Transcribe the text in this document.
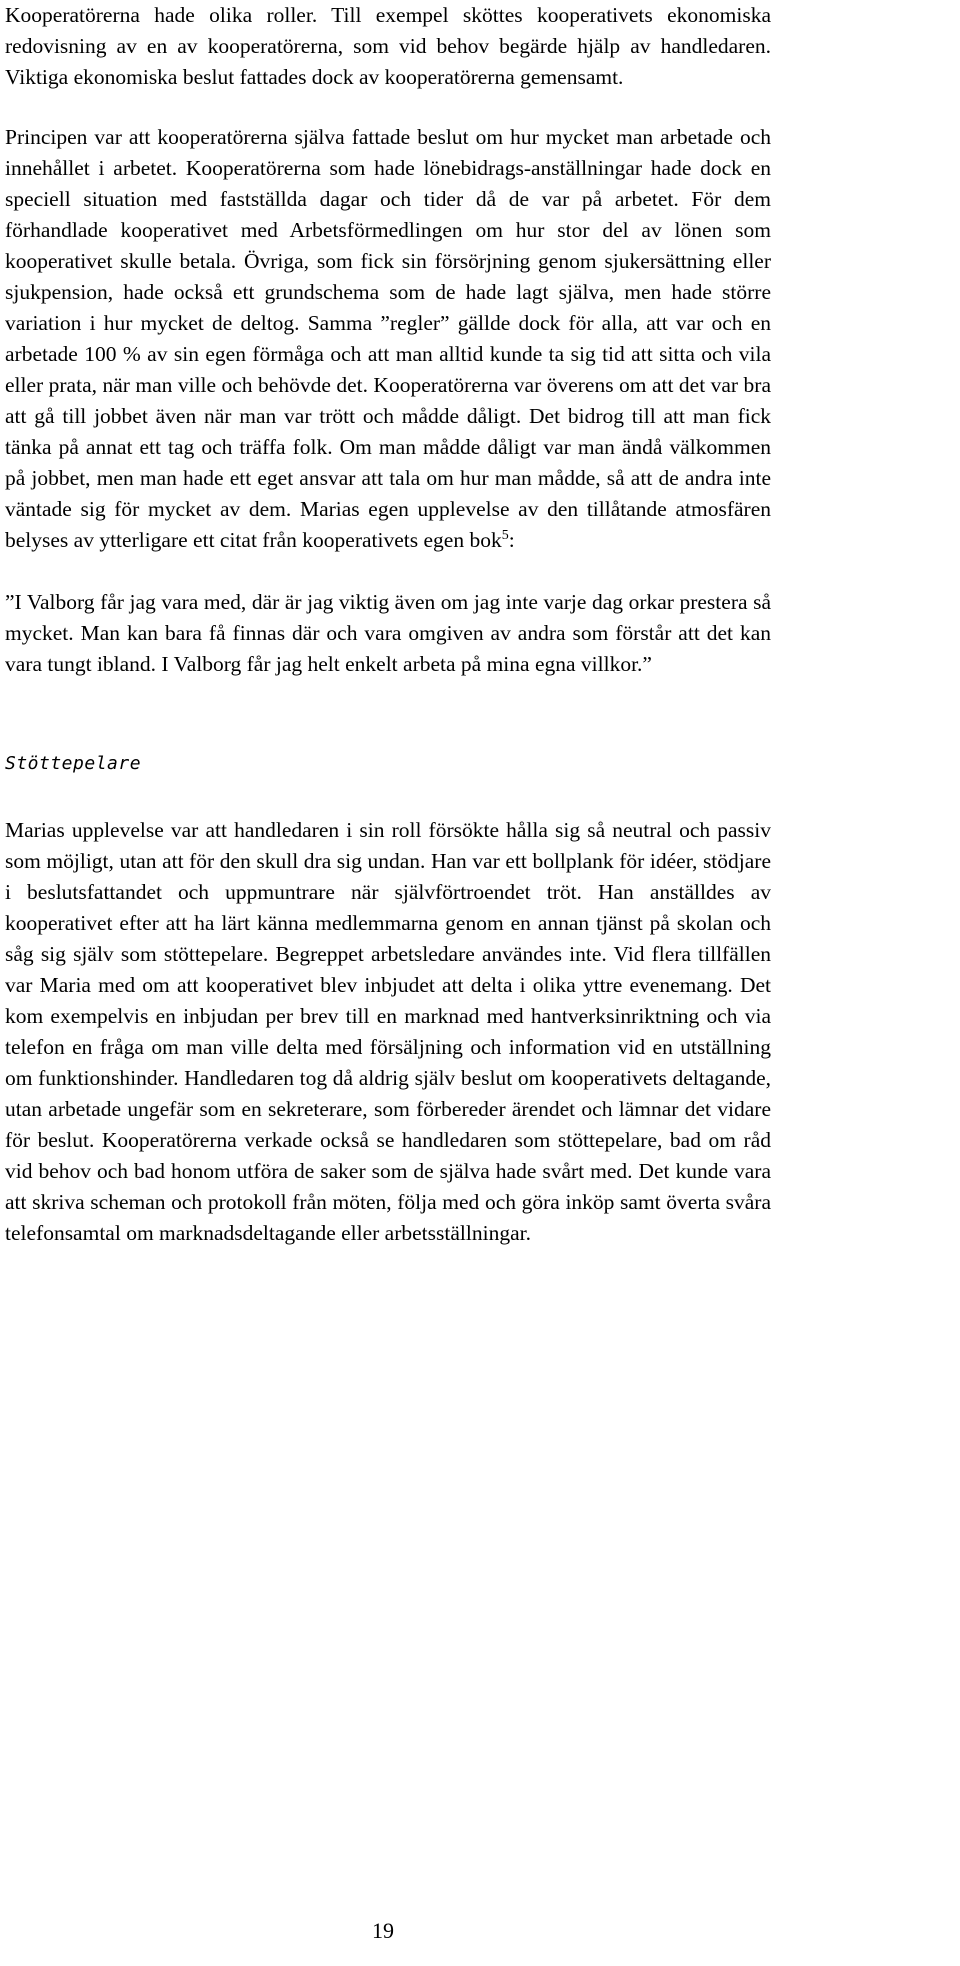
Kooperatörerna hade olika roller. Till exempel sköttes kooperativets ekonomiska redovisning av en av kooperatörerna, som vid behov begärde hjälp av handledaren. Viktiga ekonomiska beslut fattades dock av kooperatörerna gemensamt.

Principen var att kooperatörerna själva fattade beslut om hur mycket man arbetade och innehållet i arbetet. Kooperatörerna som hade lönebidrags-anställningar hade dock en speciell situation med fastställda dagar och tider då de var på arbetet. För dem förhandlade kooperativet med Arbetsförmedlingen om hur stor del av lönen som kooperativet skulle betala. Övriga, som fick sin försörjning genom sjukersättning eller sjukpension, hade också ett grundschema som de hade lagt själva, men hade större variation i hur mycket de deltog. Samma ”regler” gällde dock för alla, att var och en arbetade 100 % av sin egen förmåga och att man alltid kunde ta sig tid att sitta och vila eller prata, när man ville och behövde det. Kooperatörerna var överens om att det var bra att gå till jobbet även när man var trött och mådde dåligt. Det bidrog till att man fick tänka på annat ett tag och träffa folk. Om man mådde dåligt var man ändå välkommen på jobbet, men man hade ett eget ansvar att tala om hur man mådde, så att de andra inte väntade sig för mycket av dem. Marias egen upplevelse av den tillåtande atmosfären belyses av ytterligare ett citat från kooperativets egen bok$^5$:

”I Valborg får jag vara med, där är jag viktig även om jag inte varje dag orkar prestera så mycket. Man kan bara få finnas där och vara omgiven av andra som förstår att det kan vara tungt ibland. I Valborg får jag helt enkelt arbeta på mina egna villkor.”

Stöttepelare

Marias upplevelse var att handledaren i sin roll försökte hålla sig så neutral och passiv som möjligt, utan att för den skull dra sig undan. Han var ett bollplank för idéer, stödjare i beslutsfattandet och uppmuntrare när självförtroendet tröt. Han anställdes av kooperativet efter att ha lärt känna medlemmarna genom en annan tjänst på skolan och såg sig själv som stöttepelare. Begreppet arbetsledare användes inte. Vid flera tillfällen var Maria med om att kooperativet blev inbjudet att delta i olika yttre evenemang. Det kom exempelvis en inbjudan per brev till en marknad med hantverksinriktning och via telefon en fråga om man ville delta med försäljning och information vid en utställning om funktionshinder. Handledaren tog då aldrig själv beslut om kooperativets deltagande, utan arbetade ungefär som en sekreterare, som förbereder ärendet och lämnar det vidare för beslut. Kooperatörerna verkade också se handledaren som stöttepelare, bad om råd vid behov och bad honom utföra de saker som de själva hade svårt med. Det kunde vara att skriva scheman och protokoll från möten, följa med och göra inköp samt överta svåra telefonsamtal om marknadsdeltagande eller arbetsställningar.

19
